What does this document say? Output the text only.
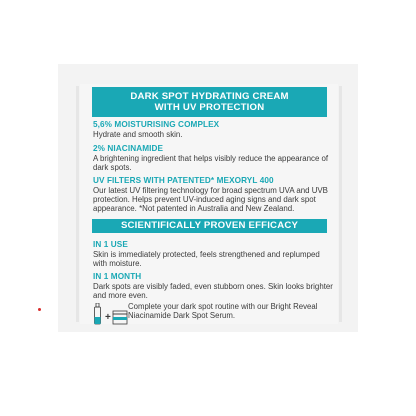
DARK SPOT HYDRATING CREAM
WITH UV PROTECTION
5,6% MOISTURISING COMPLEX
Hydrate and smooth skin.
2% NIACINAMIDE
A brightening ingredient that helps visibly reduce the appearance of dark spots.
UV FILTERS WITH PATENTED* MEXORYL 400
Our latest UV filtering technology for broad spectrum UVA and UVB protection. Helps prevent UV-induced aging signs and dark spot appearance. *Not patented in Australia and New Zealand.
SCIENTIFICALLY PROVEN EFFICACY
IN 1 USE
Skin is immediately protected, feels strengthened and replumped with moisture.
IN 1 MONTH
Dark spots are visibly faded, even stubborn ones. Skin looks brighter and more even.
+
Complete your dark spot routine with our Bright Reveal Niacinamide Dark Spot Serum.
